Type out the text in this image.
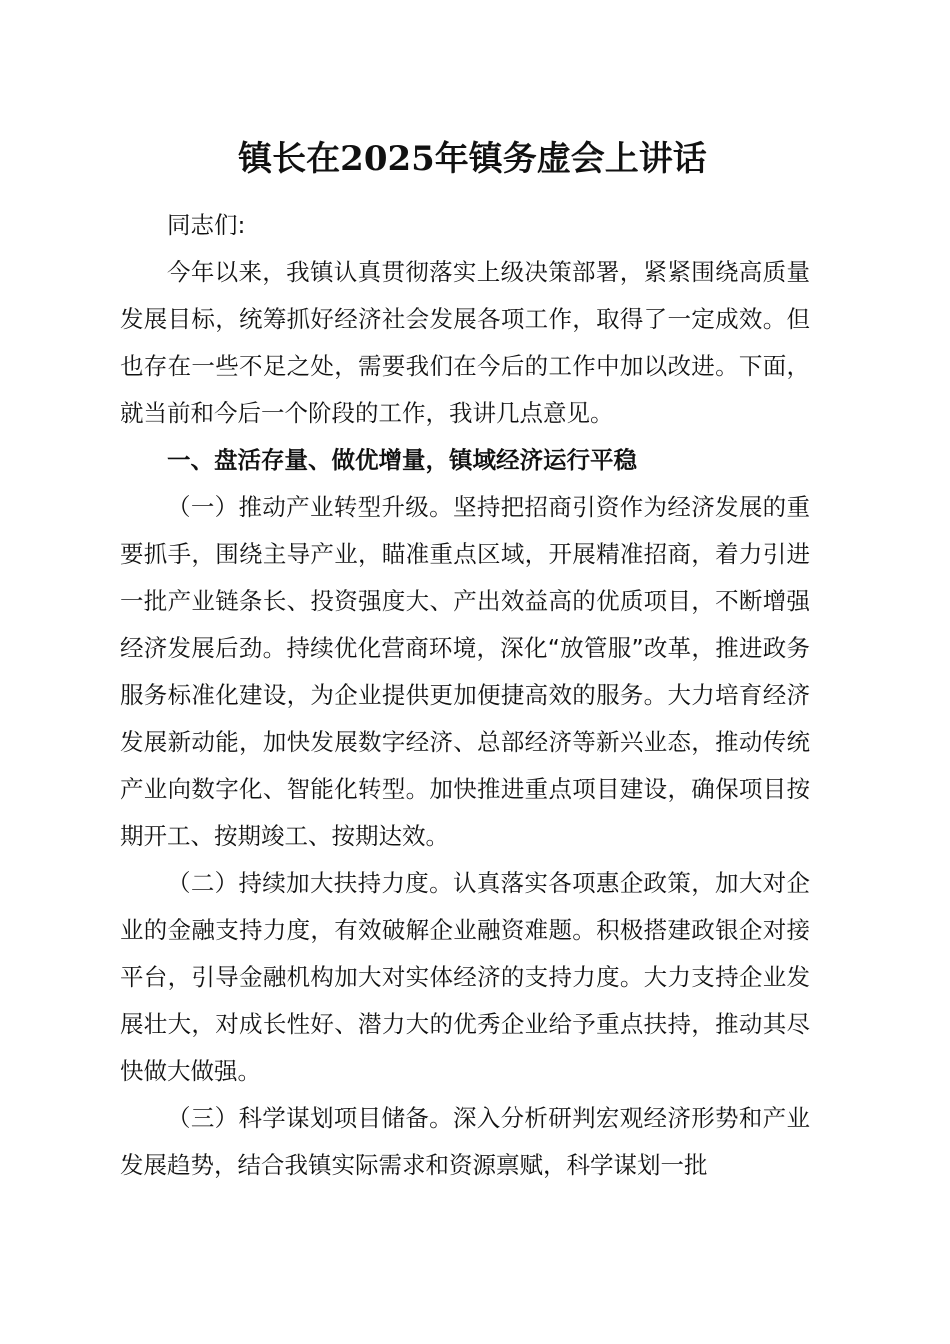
镇长在2025年镇务虚会上讲话

同志们:

今年以来，我镇认真贯彻落实上级决策部署，紧紧围绕高质量发展目标，统筹抓好经济社会发展各项工作，取得了一定成效。但也存在一些不足之处，需要我们在今后的工作中加以改进。下面，就当前和今后一个阶段的工作，我讲几点意见。

一、盘活存量、做优增量，镇域经济运行平稳

（一）推动产业转型升级。坚持把招商引资作为经济发展的重要抓手，围绕主导产业，瞄准重点区域，开展精准招商，着力引进一批产业链条长、投资强度大、产出效益高的优质项目，不断增强经济发展后劲。持续优化营商环境，深化“放管服”改革，推进政务服务标准化建设，为企业提供更加便捷高效的服务。大力培育经济发展新动能，加快发展数字经济、总部经济等新兴业态，推动传统产业向数字化、智能化转型。加快推进重点项目建设，确保项目按期开工、按期竣工、按期达效。

（二）持续加大扶持力度。认真落实各项惠企政策，加大对企业的金融支持力度，有效破解企业融资难题。积极搭建政银企对接平台，引导金融机构加大对实体经济的支持力度。大力支持企业发展壮大，对成长性好、潜力大的优秀企业给予重点扶持，推动其尽快做大做强。

（三）科学谋划项目储备。深入分析研判宏观经济形势和产业发展趋势，结合我镇实际需求和资源禀赋，科学谋划一批
